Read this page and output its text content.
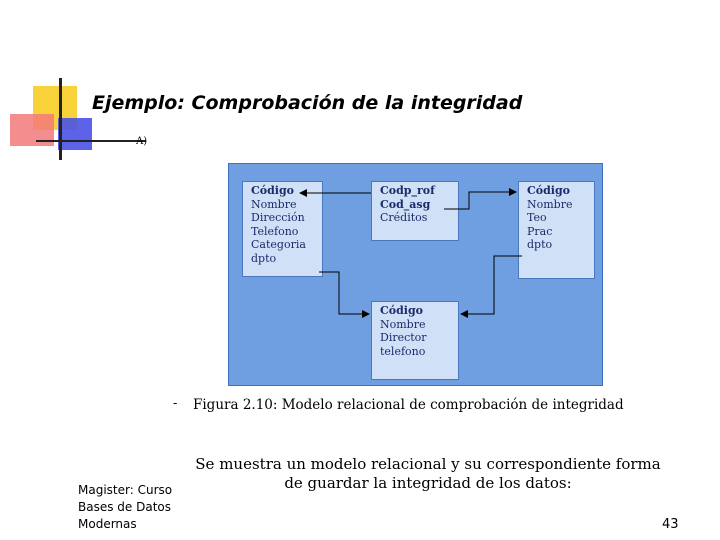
Ejemplo: Comprobación de la integridad
A)
Código
Nombre
Dirección
Telefono
Categoria
dpto
Codp_rof
Cod_asg
Créditos
Código
Nombre
Teo
Prac
dpto
Código
Nombre
Director
telefono
- Figura 2.10: Modelo relacional de comprobación de integridad
Se muestra un modelo relacional y su correspondiente forma de guardar la integridad de los datos:
Magister: Curso
Bases de Datos
Modernas	43
